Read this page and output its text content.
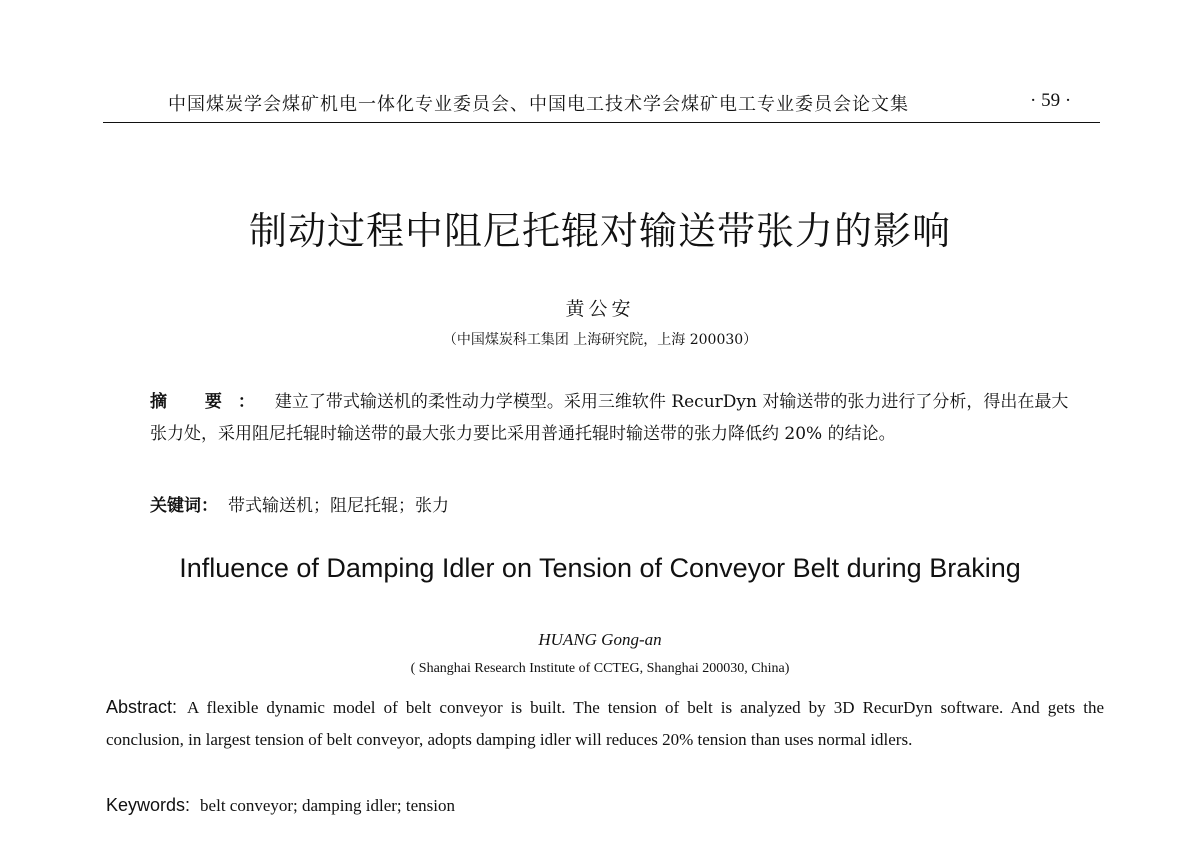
中国煤炭学会煤矿机电一体化专业委员会、中国电工技术学会煤矿电工专业委员会论文集	· 59 ·
制动过程中阻尼托辊对输送带张力的影响
黄公安
（中国煤炭科工集团 上海研究院，上海 200030）
摘 要： 建立了带式输送机的柔性动力学模型。采用三维软件 RecurDyn 对输送带的张力进行了分析，得出在最大张力处，采用阻尼托辊时输送带的最大张力要比采用普通托辊时输送带的张力降低约 20% 的结论。
关键词： 带式输送机；阻尼托辊；张力
Influence of Damping Idler on Tension of Conveyor Belt during Braking
HUANG Gong-an
( Shanghai Research Institute of CCTEG, Shanghai 200030, China)
Abstract: A flexible dynamic model of belt conveyor is built. The tension of belt is analyzed by 3D RecurDyn software. And gets the conclusion, in largest tension of belt conveyor, adopts damping idler will reduces 20% tension than uses normal idlers.
Keywords: belt conveyor; damping idler; tension
